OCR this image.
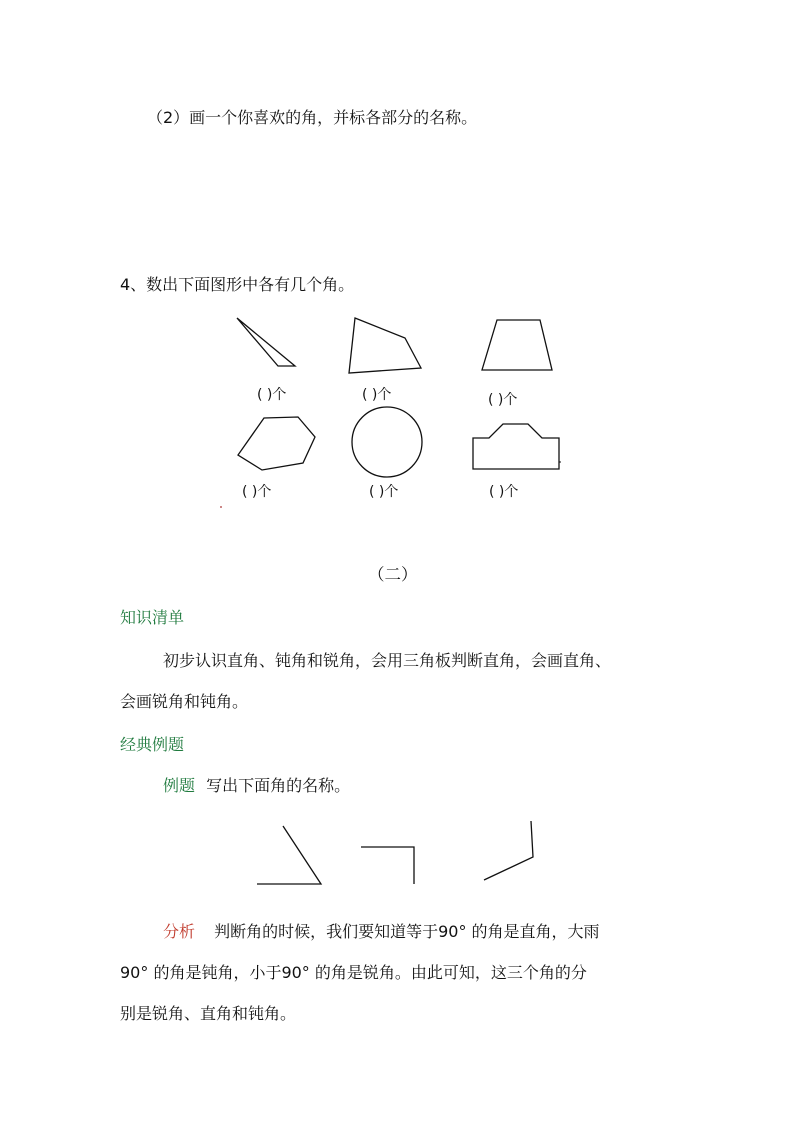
（2）画一个你喜欢的角，并标各部分的名称。
4、数出下面图形中各有几个角。
( )个	( )个	( )个
( )个	( )个	( )个
（二）
知识清单
初步认识直角、钝角和锐角，会用三角板判断直角，会画直角、
会画锐角和钝角。
经典例题
例题 写出下面角的名称。
分析 判断角的时候，我们要知道等于90° 的角是直角，大雨
90° 的角是钝角，小于90° 的角是锐角。由此可知，这三个角的分
别是锐角、直角和钝角。
